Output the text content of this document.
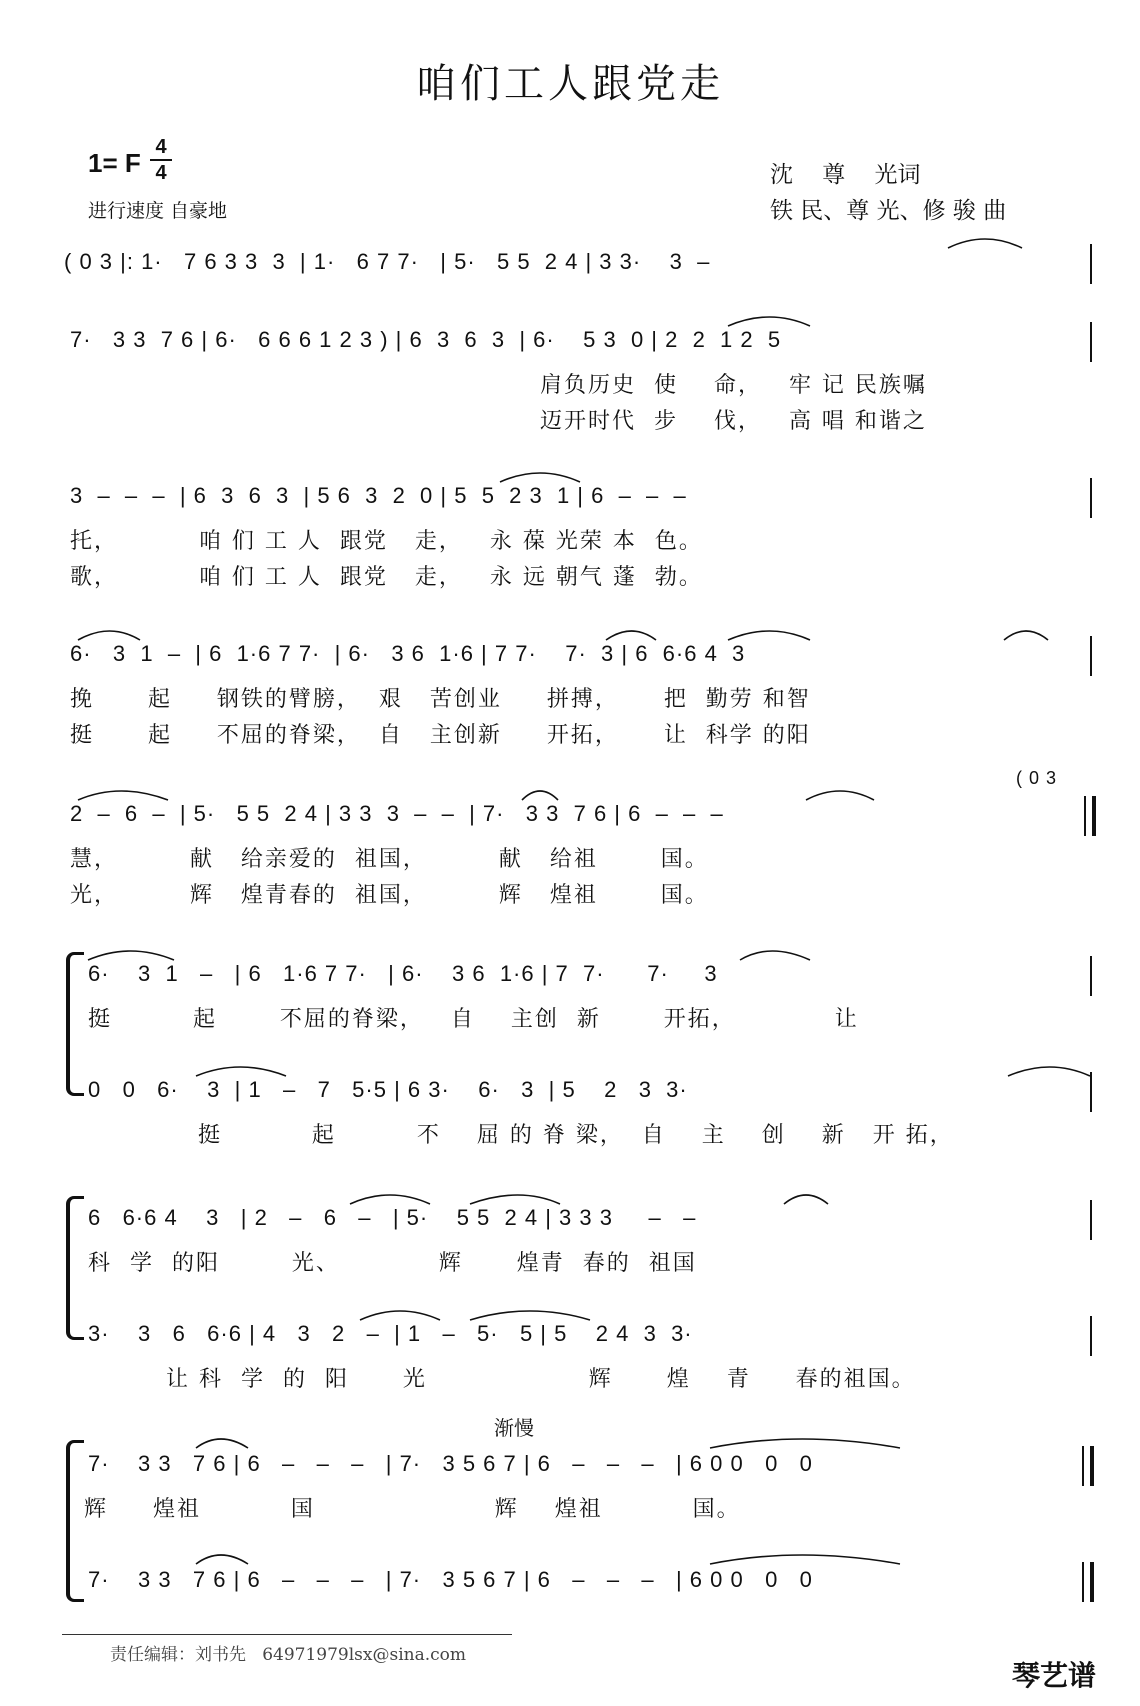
咱们工人跟党走
1= F
4
4
进行速度 自豪地
沈    尊    光词
铁 民、尊 光、修 骏 曲
( 0 3 |: 1·   7 6 3 3  3  | 1·   6 7 7·   | 5·   5 5  2 4 | 3 3·    3  –
7·   3 3  7 6 | 6·   6 6 6 1 2 3 ) | 6  3  6  3  | 6·    5 3  0 | 2  2  1 2  5
肩负历史  使    命，   牢 记 民族嘱
迈开时代  步    伐，   高 唱 和谐之
3  –  –  –  | 6  3  6  3  | 5 6  3  2  0 | 5  5  2 3  1 | 6  –  –  –
托，         咱 们 工 人  跟党   走，   永 葆 光荣 本  色。
歌，         咱 们 工 人  跟党   走，   永 远 朝气 蓬  勃。
6·   3  1  –  | 6  1·6 7 7·  | 6·   3 6  1·6 | 7 7·    7·  3 | 6  6·6 4  3
挽      起     钢铁的臂膀，  艰   苦创业     拼搏，     把  勤劳 和智
挺      起     不屈的脊梁，  自   主创新     开拓，     让  科学 的阳
( 0 3
2  –  6  –  | 5·   5 5  2 4 | 3 3  3  –  –  | 7·   3 3  7 6 | 6  –  –  –
慧，        献   给亲爱的  祖国，        献   给祖       国。
光，        辉   煌青春的  祖国，        辉   煌祖       国。
6·    3  1   –   | 6   1·6 7 7·   | 6·    3 6  1·6 | 7  7·      7·     3
挺         起       不屈的脊梁，   自    主创  新       开拓，           让
0   0   6·    3  | 1   –   7   5·5 | 6 3·    6·   3  | 5    2   3  3·
挺          起         不    屈 的 脊 梁，  自    主    创    新   开 拓，
6   6·6 4    3   | 2   –   6   –   | 5·    5 5  2 4 | 3 3 3     –   –
科  学  的阳        光、           辉      煌青  春的  祖国
3·    3   6   6·6 | 4   3   2   –  | 1   –   5·   5 | 5    2 4  3  3·
让 科  学  的  阳      光                  辉      煌    青     春的祖国。
渐慢
7·    3 3   7 6 | 6   –   –   –   | 7·   3 5 6 7 | 6   –   –   –   | 6 0 0   0   0
辉     煌祖          国                    辉    煌祖          国。
7·    3 3   7 6 | 6   –   –   –   | 7·   3 5 6 7 | 6   –   –   –   | 6 0 0   0   0
责任编辑：刘书先   64971979lsx@sina.com
琴艺谱
